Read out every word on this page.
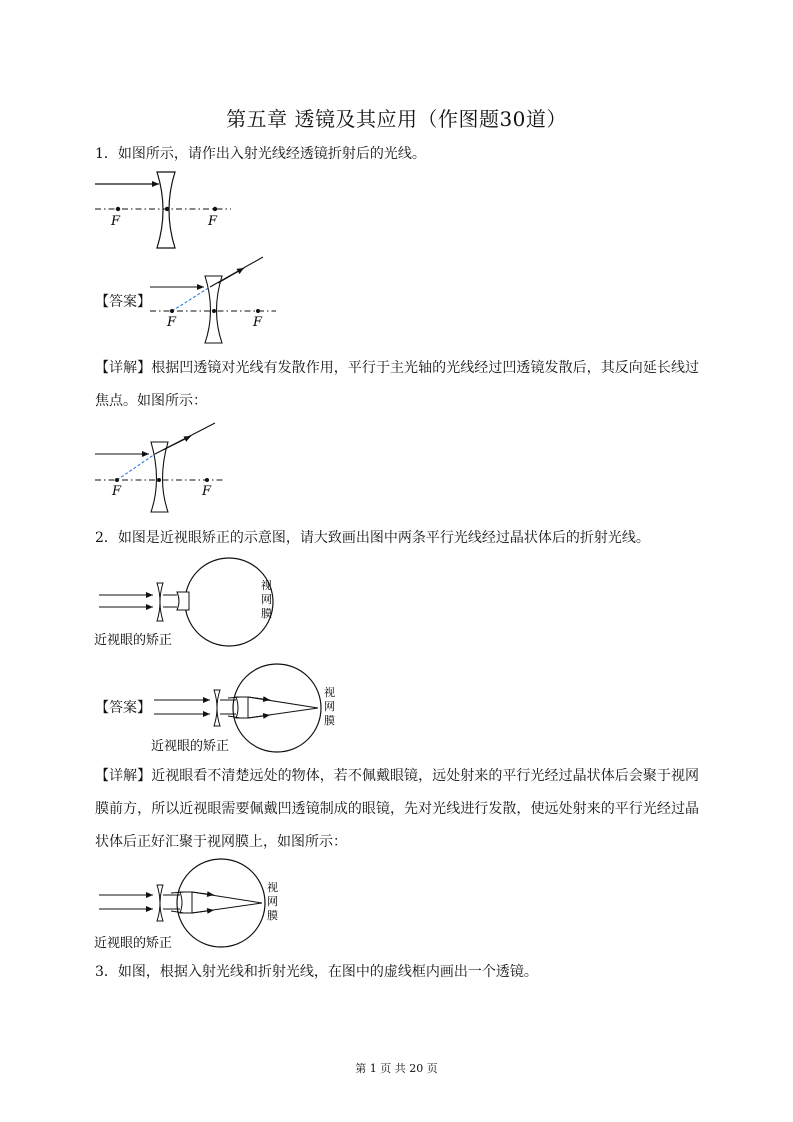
第五章 透镜及其应用（作图题30道）
1．如图所示，请作出入射光线经透镜折射后的光线。
F	F
【答案】
F	F
【详解】根据凹透镜对光线有发散作用，平行于主光轴的光线经过凹透镜发散后，其反向延长线过焦点。如图所示：
F	F
2．如图是近视眼矫正的示意图，请大致画出图中两条平行光线经过晶状体后的折射光线。
视
网
膜
近视眼的矫正
【答案】
视
网
膜
近视眼的矫正
【详解】近视眼看不清楚远处的物体，若不佩戴眼镜，远处射来的平行光经过晶状体后会聚于视网膜前方，所以近视眼需要佩戴凹透镜制成的眼镜，先对光线进行发散，使远处射来的平行光经过晶状体后正好汇聚于视网膜上，如图所示：
视
网
膜
近视眼的矫正
3．如图，根据入射光线和折射光线，在图中的虚线框内画出一个透镜。
第 1 页 共 20 页
